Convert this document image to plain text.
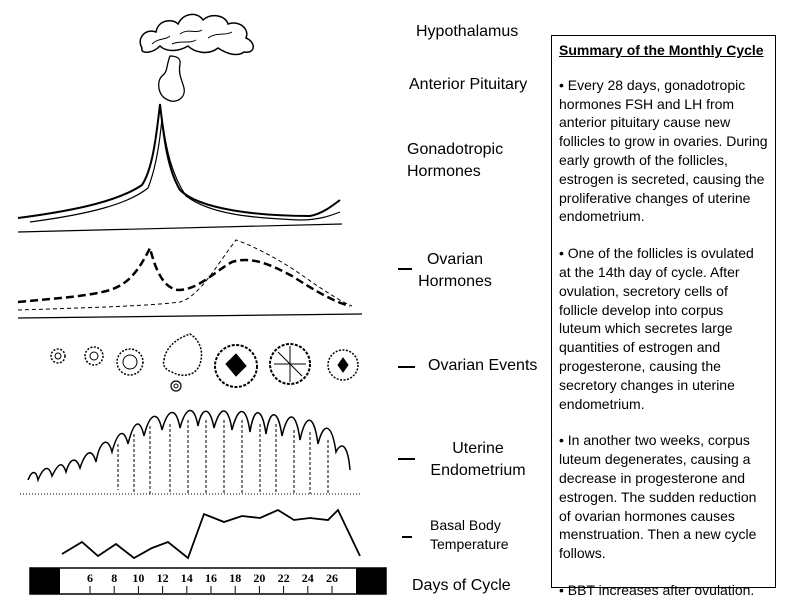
6 8 10 12 14 16 18 20 22 24 26
Hypothalamus
Anterior Pituitary
Gonadotropic Hormones
Ovarian Hormones
Ovarian Events
Uterine Endometrium
Basal Body Temperature
Days of Cycle
Summary of the Monthly Cycle

• Every 28 days, gonadotropic hormones FSH and LH from anterior pituitary cause new follicles to grow in ovaries. During early growth of the follicles, estrogen is secreted, causing the proliferative changes of uterine endometrium.

• One of the follicles is ovulated at the 14th day of cycle. After ovulation, secretory cells of follicle develop into corpus luteum which secretes large quantities of estrogen and progesterone, causing the secretory changes in uterine endometrium.

• In another two weeks, corpus luteum degenerates, causing a decrease in progesterone and estrogen. The sudden reduction of ovarian hormones causes menstruation. Then a new cycle follows.

• BBT increases after ovulation.
